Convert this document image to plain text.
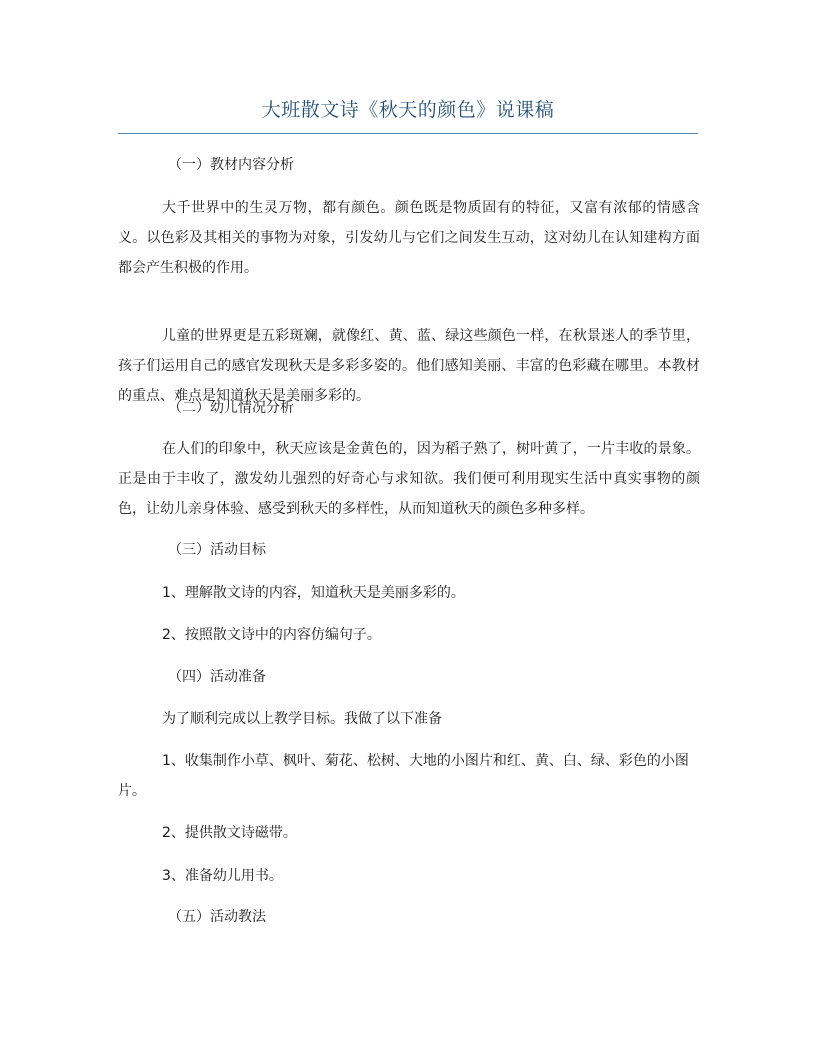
大班散文诗《秋天的颜色》说课稿
（一）教材内容分析

大千世界中的生灵万物，都有颜色。颜色既是物质固有的特征，又富有浓郁的情感含义。以色彩及其相关的事物为对象，引发幼儿与它们之间发生互动，这对幼儿在认知建构方面都会产生积极的作用。

儿童的世界更是五彩斑斓，就像红、黄、蓝、绿这些颜色一样，在秋景迷人的季节里，孩子们运用自己的感官发现秋天是多彩多姿的。他们感知美丽、丰富的色彩藏在哪里。本教材的重点、难点是知道秋天是美丽多彩的。

（二）幼儿情况分析

在人们的印象中，秋天应该是金黄色的，因为稻子熟了，树叶黄了，一片丰收的景象。正是由于丰收了，激发幼儿强烈的好奇心与求知欲。我们便可利用现实生活中真实事物的颜色，让幼儿亲身体验、感受到秋天的多样性，从而知道秋天的颜色多种多样。

（三）活动目标

1、理解散文诗的内容，知道秋天是美丽多彩的。

2、按照散文诗中的内容仿编句子。

（四）活动准备

为了顺利完成以上教学目标。我做了以下准备

1、收集制作小草、枫叶、菊花、松树、大地的小图片和红、黄、白、绿、彩色的小图片。

2、提供散文诗磁带。

3、准备幼儿用书。

（五）活动教法
